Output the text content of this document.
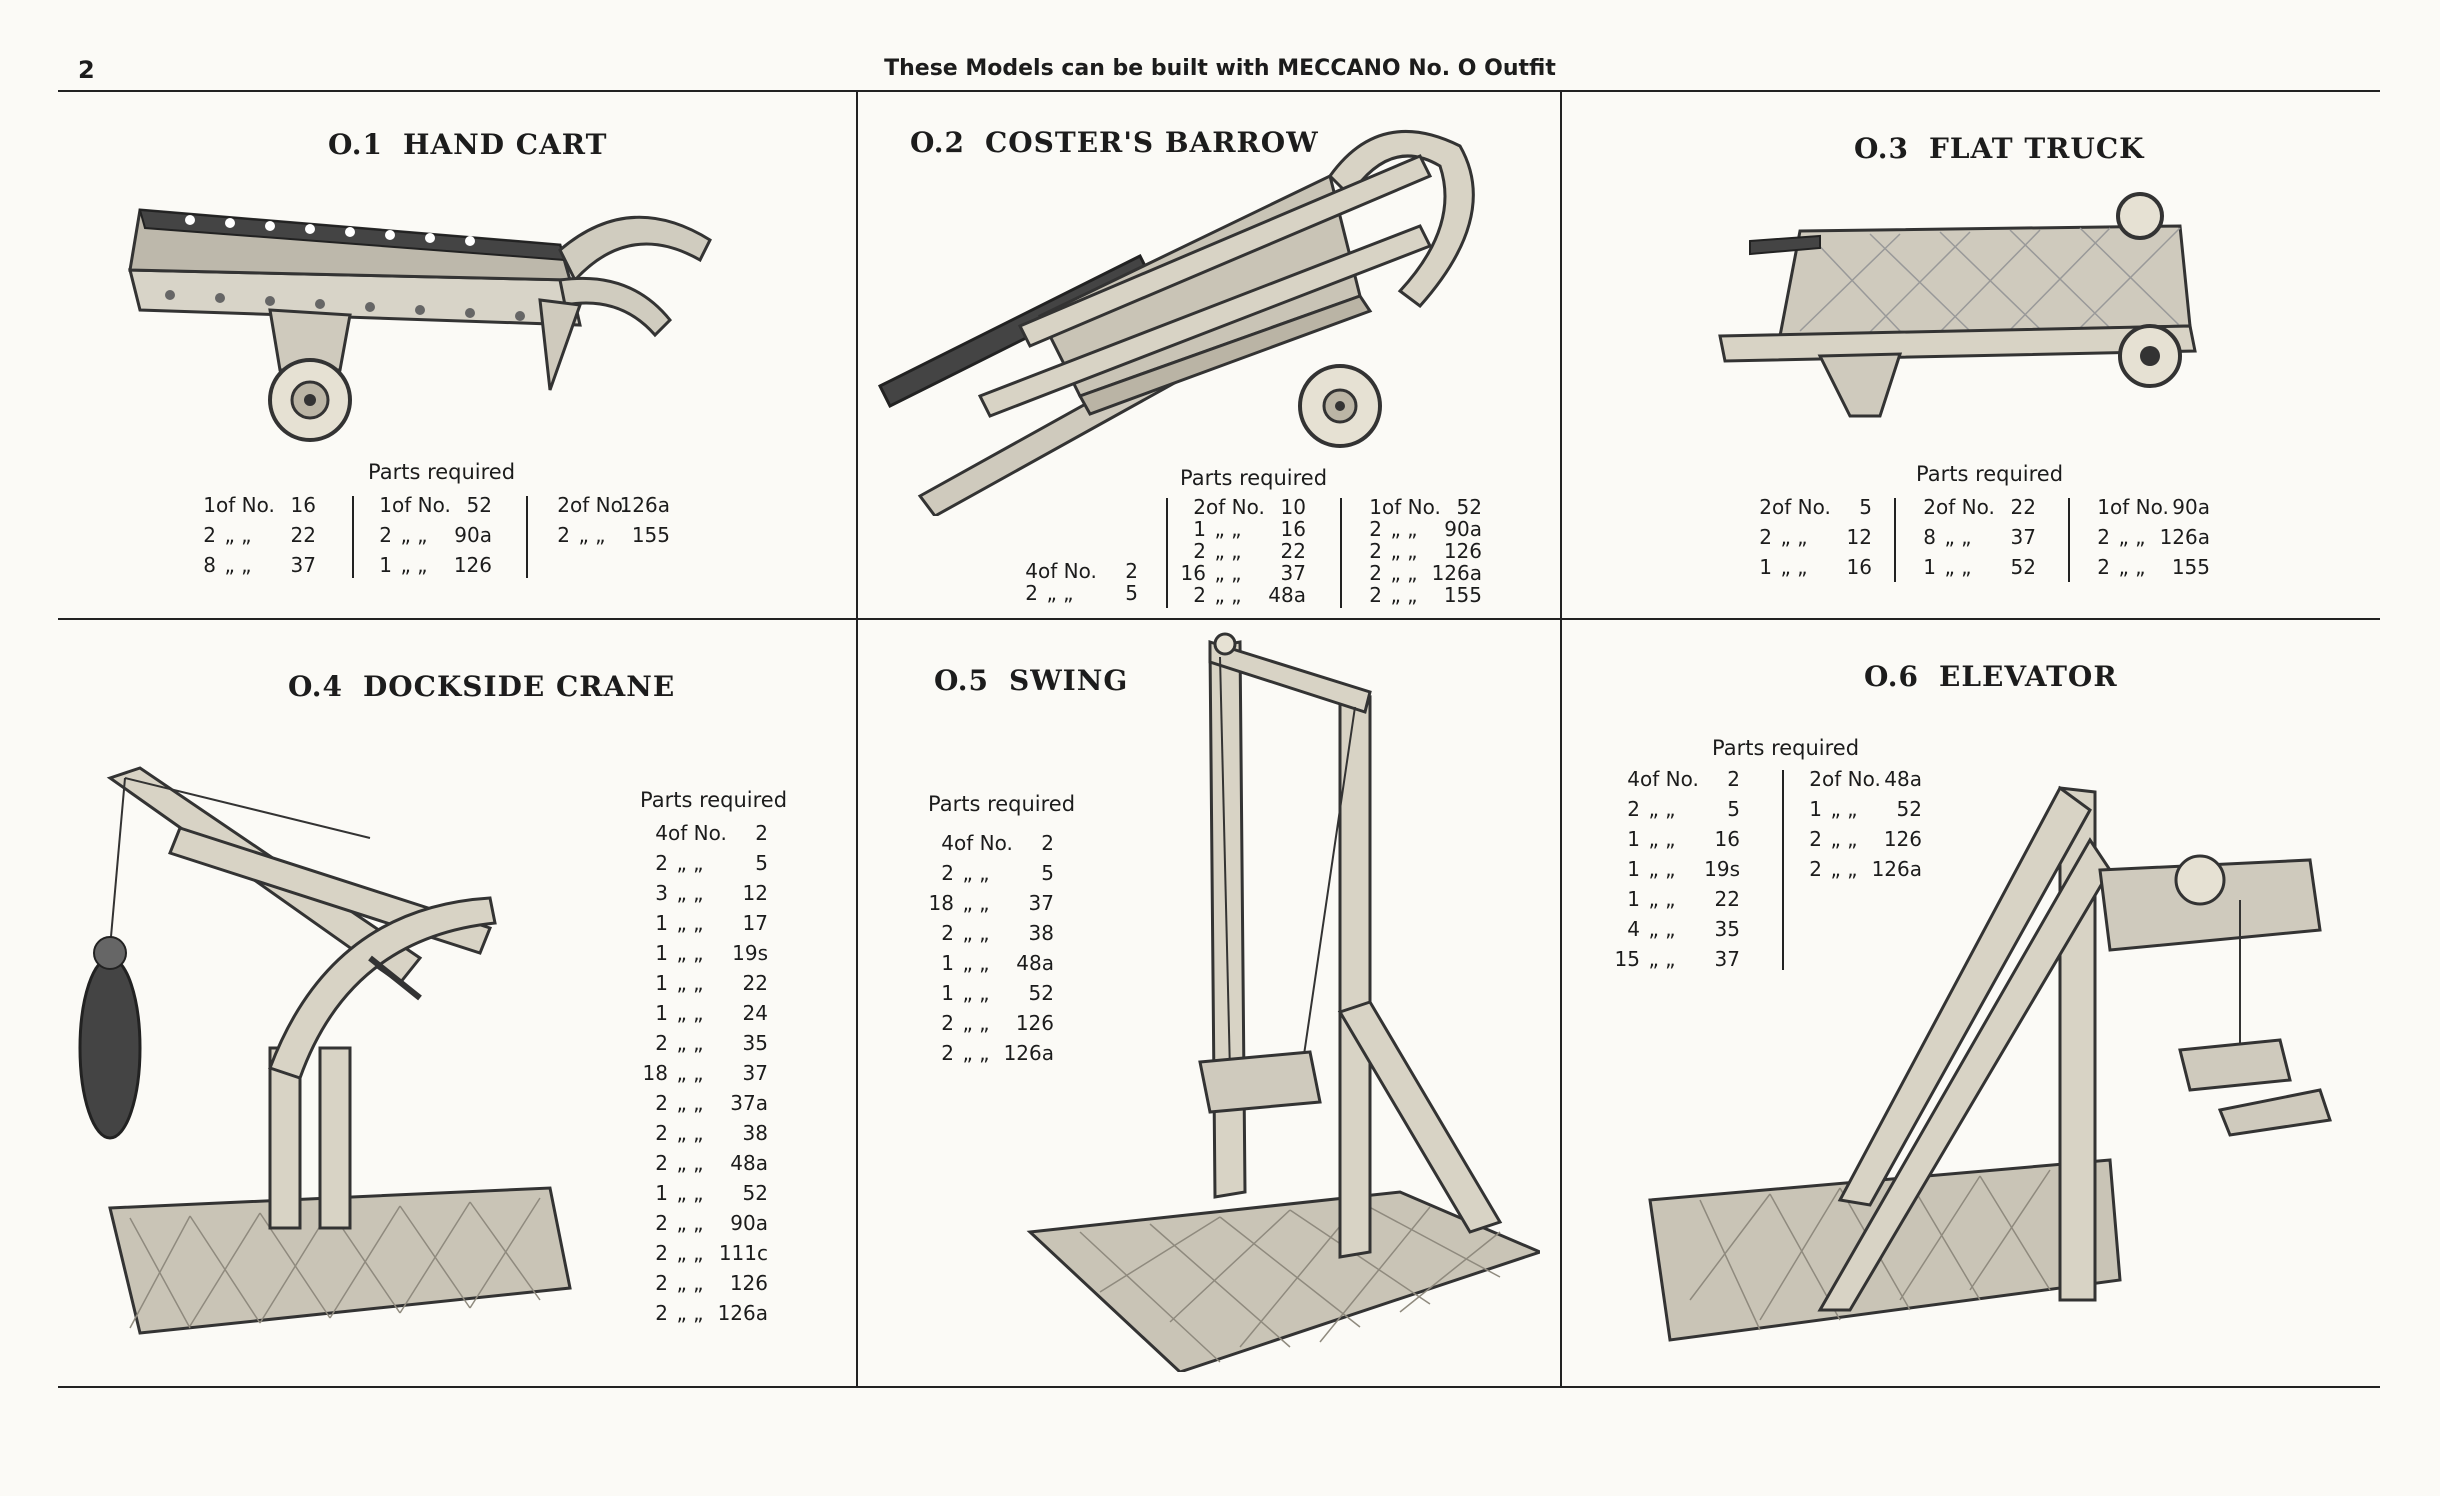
2	These Models can be built with MECCANO No. O Outfit
O.1 HAND CART
Parts required
1of No. 16
2 „ „ 22
8 „ „ 37
1of No. 52
2 „ „ 90a
1 „ „ 126
2of No.126a
2 „ „ 155
O.2 COSTER'S BARROW
Parts required
4of No. 2
2 „ „	5
2of No. 10
1 „ „ 16
2 „ „ 22
16 „ „ 37
2 „ „ 48a
1of No. 52
2 „ „ 90a
2 „ „ 126
2 „ „ 126a
2 „ „ 155
O.3 FLAT TRUCK
Parts required
2of No. 5
2 „ „ 12
1 „ „ 16
2of No. 22
8 „ „ 37
1 „ „ 52
1of No. 90a
2 „ „ 126a
2 „ „ 155
O.4 DOCKSIDE CRANE
Parts required
4of No. 2
2 „ „	5
3 „ „ 12
1 „ „ 17
1 „ „ 19s
1 „ „ 22
1 „ „ 24
2 „ „ 35
18 „ „ 37
2 „ „ 37a
2 „ „ 38
2 „ „ 48a
1 „ „ 52
2 „ „ 90a
2 „ „ 111c
2 „ „ 126
2 „ „ 126a
O.5 SWING
Parts required
4of No. 2
2 „ „	5
18 „ „ 37
2 „ „ 38
1 „ „ 48a
1 „ „ 52
2 „ „ 126
2 „ „ 126a
O.6 ELEVATOR
Parts required
4of No. 2
2 „ „	5
1 „ „ 16
1 „ „ 19s
1 „ „ 22
4 „ „ 35
15 „ „ 37
2of No. 48a
1 „ „ 52
2 „ „ 126
2 „ „ 126a
